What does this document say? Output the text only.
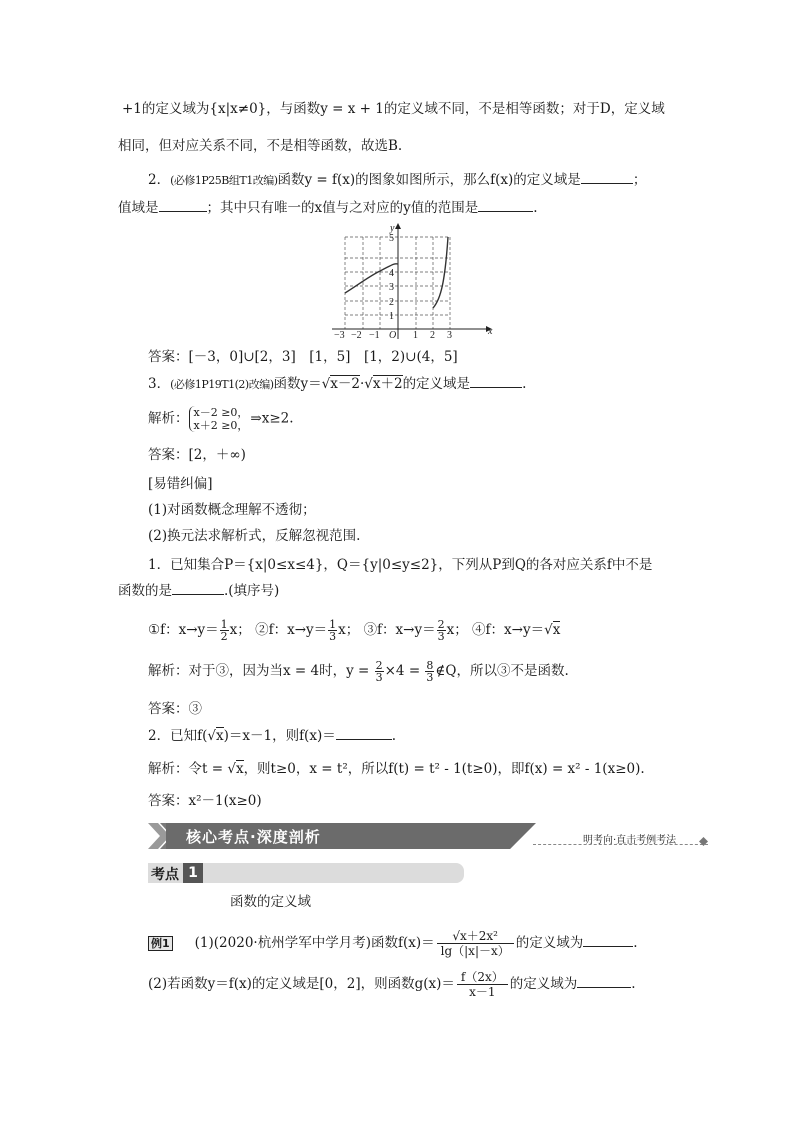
+1的定义域为{x|x≠0}，与函数y = x + 1的定义域不同，不是相等函数；对于D，定义域
相同，但对应关系不同，不是相等函数，故选B.
2．(必修1P25B组T1改编)函数y = f(x)的图象如图所示，那么f(x)的定义域是	；
值域是	；其中只有唯一的x值与之对应的y值的范围是	.
x
y
O
−3 −2 −1	1 2 3
1
2
3
4
5
答案：[－3，0]∪[2，3]　[1，5]　[1，2)∪(4，5]
3．(必修1P19T1(2)改编)函数y＝√x－2·√x＋2的定义域是	.
解析： x－2 ≥0，
x＋2 ≥0， ⇒x≥2.
答案：[2，＋∞)
[易错纠偏]
(1)对函数概念理解不透彻；
(2)换元法求解析式，反解忽视范围.
1．已知集合P＝{x|0≤x≤4}，Q＝{y|0≤y≤2}，下列从P到Q的各对应关系f中不是
函数的是	.(填序号)
①f：$x\to y= \frac{1}{2}$ x； ②f：$x\to y= \frac{1}{3}$ x； ③f：$x\to y= \frac{2}{3}$ x； ④f：x→y＝√x
解析：对于③，因为当x = 4时，$y = \frac{2}{3} \times 4 = \frac{8}{3}$ ∉Q，所以③不是函数.
答案：③
2．已知f(√x)＝x－1，则f(x)＝	.
解析：令t = √x，则t≥0，x = t²，所以f(t) = t² - 1(t≥0)，即f(x) = x² - 1(x≥0).
答案：x²－1(x≥0)
核心考点·深度剖析	明考向·直击考例考法
考点 1
函数的定义域
例1 (1)(2020·杭州学军中学月考)函数$f(x)= \frac{\text{√x＋2x²}}{\lg(|x|-x)}$ 的定义域为	.
(2)若函数y＝f(x)的定义域是[0，2]，则函数$g(x)= \frac{f(2x)}{x-1}$ 的定义域为	.
